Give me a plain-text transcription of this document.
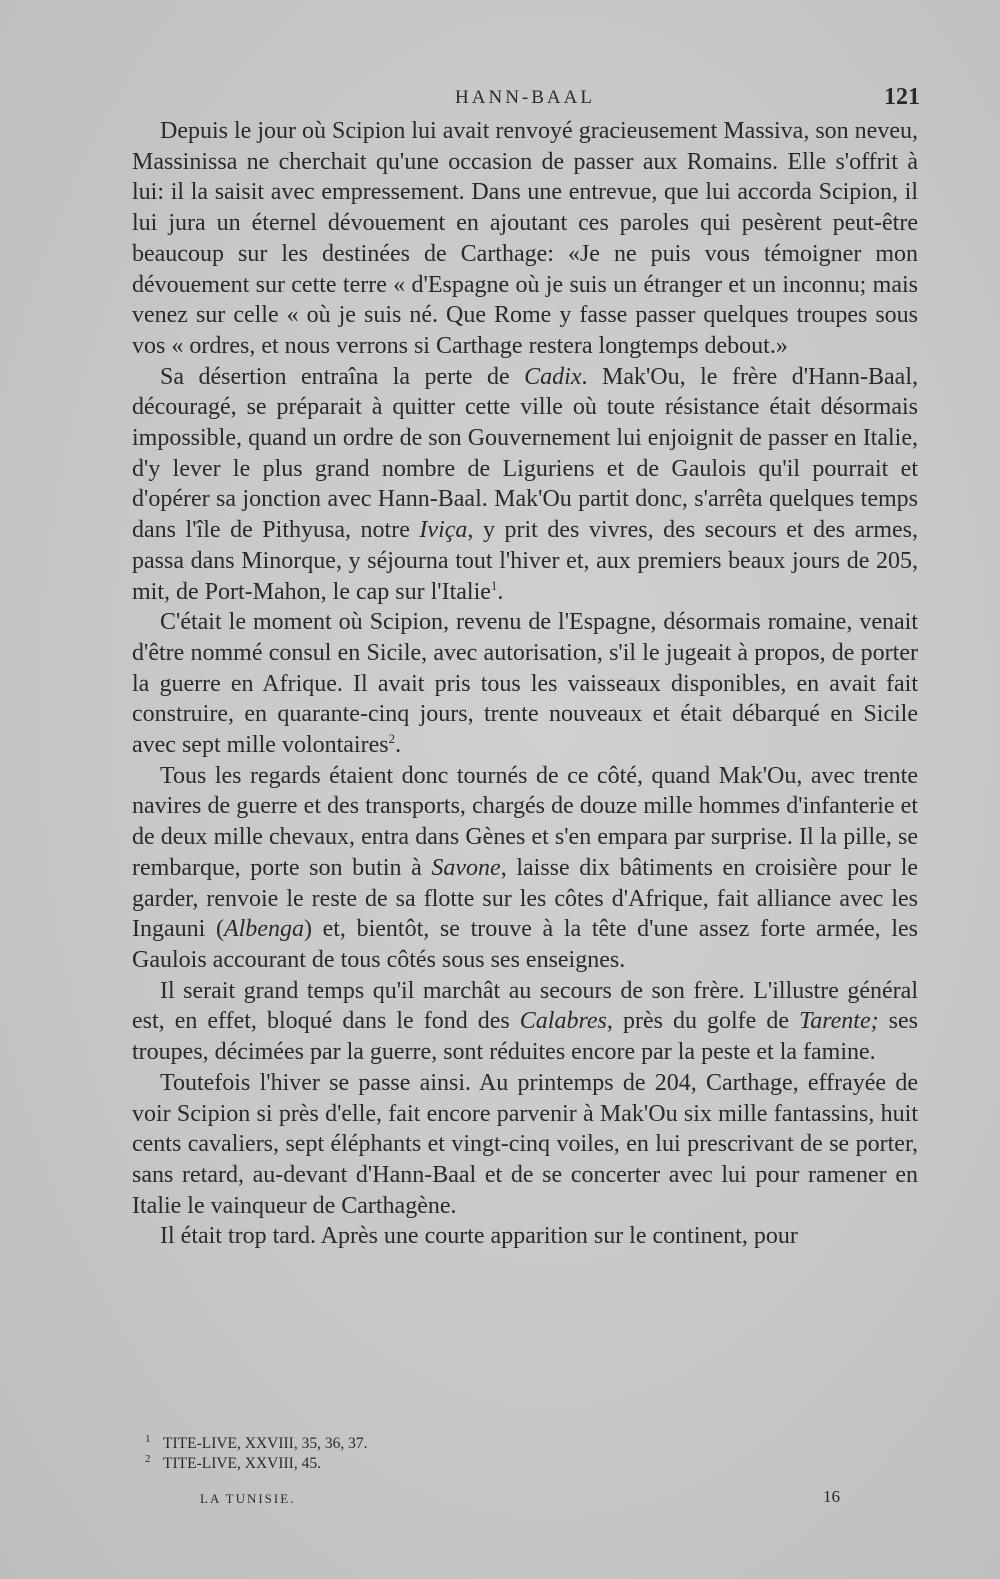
HANN-BAAL	121

Depuis le jour où Scipion lui avait renvoyé gracieusement Massiva, son neveu, Massinissa ne cherchait qu'une occasion de passer aux Romains. Elle s'offrit à lui: il la saisit avec empressement. Dans une entrevue, que lui accorda Scipion, il lui jura un éternel dévouement en ajoutant ces paroles qui pesèrent peut-être beaucoup sur les destinées de Carthage: «Je ne puis vous témoigner mon dévouement sur cette terre « d'Espagne où je suis un étranger et un inconnu; mais venez sur celle « où je suis né. Que Rome y fasse passer quelques troupes sous vos « ordres, et nous verrons si Carthage restera longtemps debout.»

Sa désertion entraîna la perte de Cadix. Mak'Ou, le frère d'Hann-Baal, découragé, se préparait à quitter cette ville où toute résistance était désormais impossible, quand un ordre de son Gouvernement lui enjoignit de passer en Italie, d'y lever le plus grand nombre de Liguriens et de Gaulois qu'il pourrait et d'opérer sa jonction avec Hann-Baal. Mak'Ou partit donc, s'arrêta quelques temps dans l'île de Pithyusa, notre Iviça, y prit des vivres, des secours et des armes, passa dans Minorque, y séjourna tout l'hiver et, aux premiers beaux jours de 205, mit, de Port-Mahon, le cap sur l'Italie$^1$.

C'était le moment où Scipion, revenu de l'Espagne, désormais romaine, venait d'être nommé consul en Sicile, avec autorisation, s'il le jugeait à propos, de porter la guerre en Afrique. Il avait pris tous les vaisseaux disponibles, en avait fait construire, en quarante-cinq jours, trente nouveaux et était débarqué en Sicile avec sept mille volontaires$^2$.

Tous les regards étaient donc tournés de ce côté, quand Mak'Ou, avec trente navires de guerre et des transports, chargés de douze mille hommes d'infanterie et de deux mille chevaux, entra dans Gènes et s'en empara par surprise. Il la pille, se rembarque, porte son butin à Savone, laisse dix bâtiments en croisière pour le garder, renvoie le reste de sa flotte sur les côtes d'Afrique, fait alliance avec les Ingauni (Albenga) et, bientôt, se trouve à la tête d'une assez forte armée, les Gaulois accourant de tous côtés sous ses enseignes.

Il serait grand temps qu'il marchât au secours de son frère. L'illustre général est, en effet, bloqué dans le fond des Calabres, près du golfe de Tarente; ses troupes, décimées par la guerre, sont réduites encore par la peste et la famine.

Toutefois l'hiver se passe ainsi. Au printemps de 204, Carthage, effrayée de voir Scipion si près d'elle, fait encore parvenir à Mak'Ou six mille fantassins, huit cents cavaliers, sept éléphants et vingt-cinq voiles, en lui prescrivant de se porter, sans retard, au-devant d'Hann-Baal et de se concerter avec lui pour ramener en Italie le vainqueur de Carthagène.

Il était trop tard. Après une courte apparition sur le continent, pour

1 TITE-LIVE, XXVIII, 35, 36, 37.
2 TITE-LIVE, XXVIII, 45.
LA TUNISIE.	16
